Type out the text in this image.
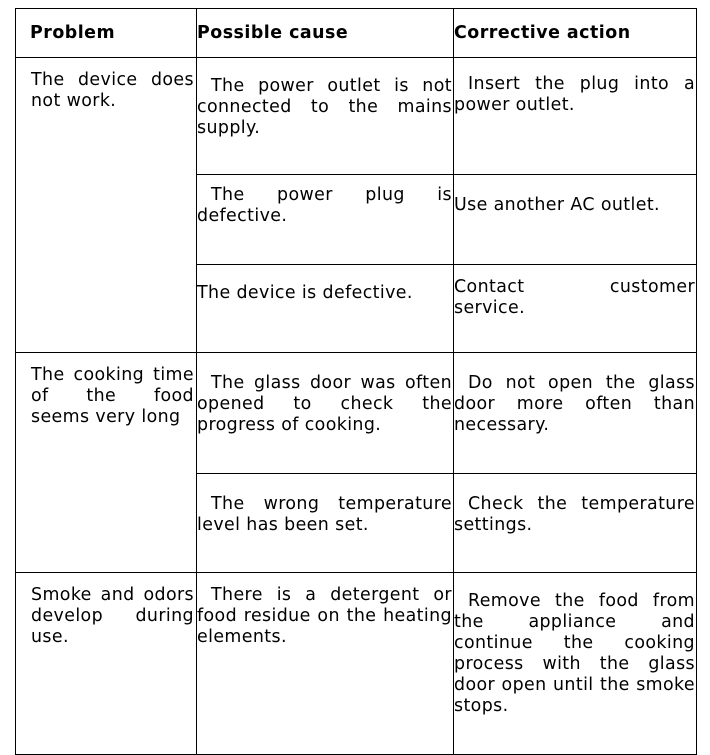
Problem	Possible cause	Corrective action

The device does not work.	The power outlet is not connected to the mains supply.	Insert the plug into a power outlet.

	The power plug is defective.	Use another AC outlet.

	The device is defective.	Contact customer service.

The cooking time of the food seems very long	The glass door was often opened to check the progress of cooking.	Do not open the glass door more often than necessary.

	The wrong temperature level has been set.	Check the temperature settings.

Smoke and odors develop during use.	There is a detergent or food residue on the heating elements.	Remove the food from the appliance and continue the cooking process with the glass door open until the smoke stops.
